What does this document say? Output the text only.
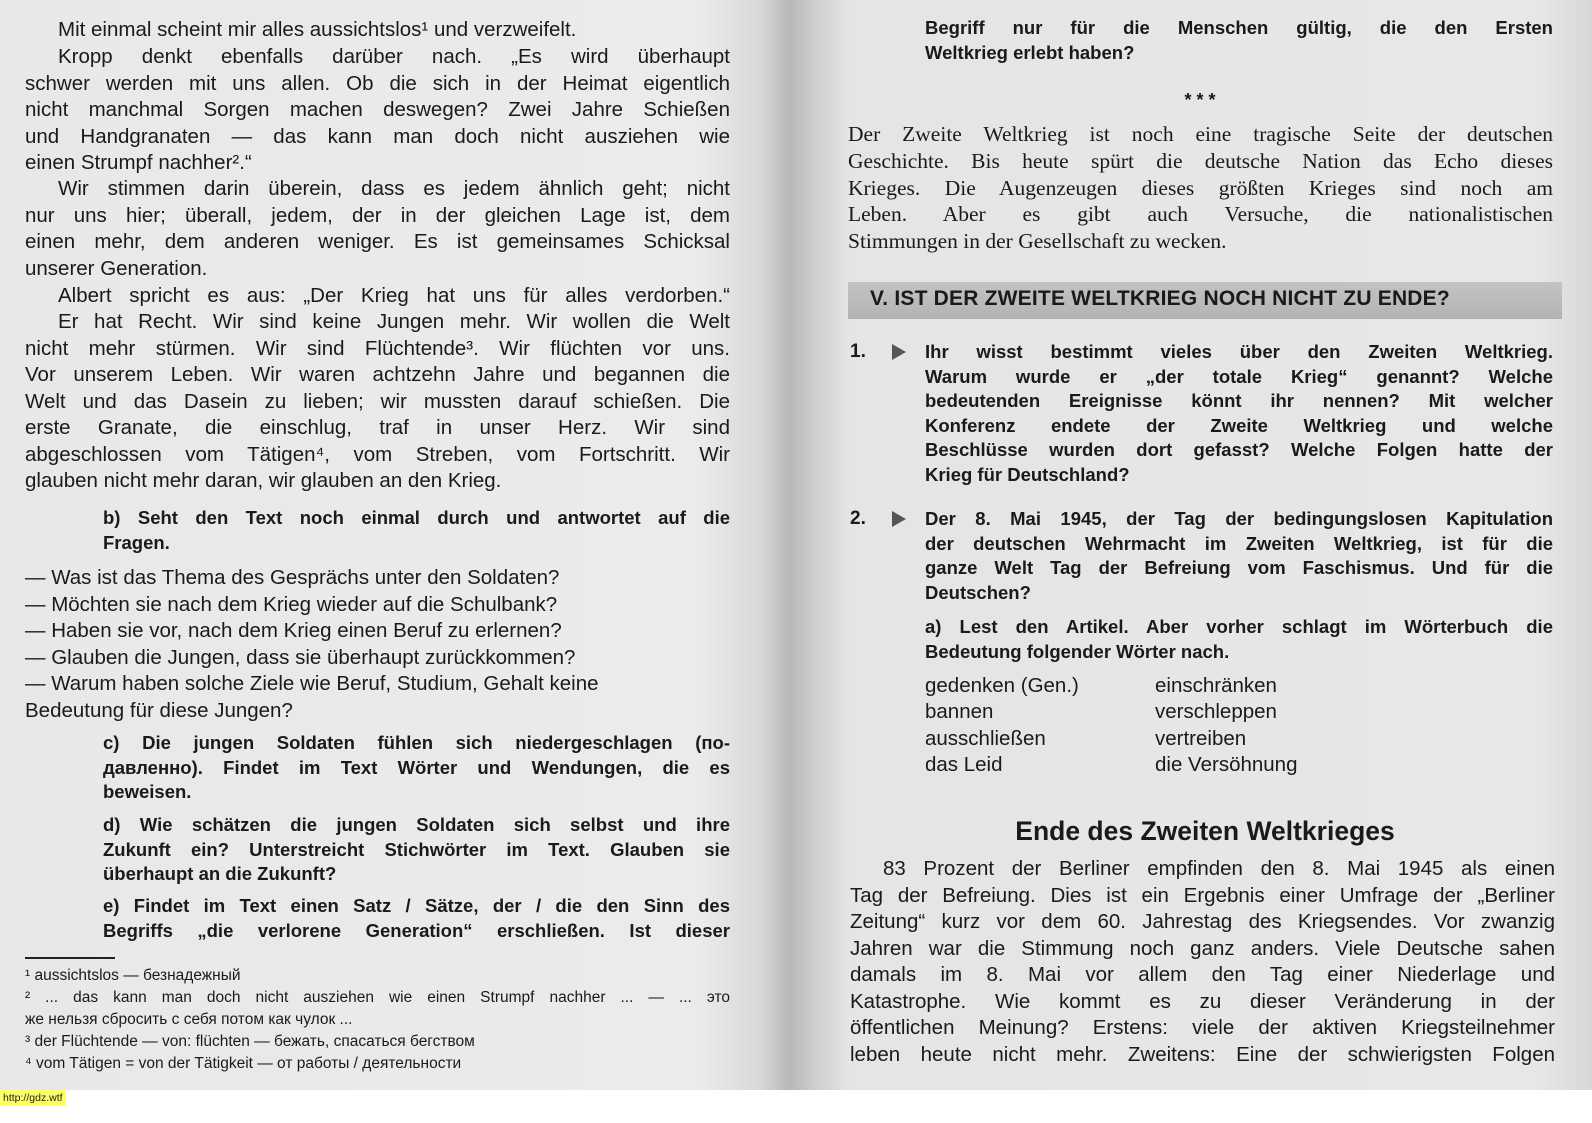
Mit einmal scheint mir alles aussichtslos¹ und verzweifelt.
Kropp denkt ebenfalls darüber nach. „Es wird überhaupt
schwer werden mit uns allen. Ob die sich in der Heimat eigentlich
nicht manchmal Sorgen machen deswegen? Zwei Jahre Schießen
und Handgranaten — das kann man doch nicht ausziehen wie
einen Strumpf nachher².“
Wir stimmen darin überein, dass es jedem ähnlich geht; nicht
nur uns hier; überall, jedem, der in der gleichen Lage ist, dem
einen mehr, dem anderen weniger. Es ist gemeinsames Schicksal
unserer Generation.
Albert spricht es aus: „Der Krieg hat uns für alles verdorben.“
Er hat Recht. Wir sind keine Jungen mehr. Wir wollen die Welt
nicht mehr stürmen. Wir sind Flüchtende³. Wir flüchten vor uns.
Vor unserem Leben. Wir waren achtzehn Jahre und begannen die
Welt und das Dasein zu lieben; wir mussten darauf schießen. Die
erste Granate, die einschlug, traf in unser Herz. Wir sind
abgeschlossen vom Tätigen⁴, vom Streben, vom Fortschritt. Wir
glauben nicht mehr daran, wir glauben an den Krieg.
b) Seht den Text noch einmal durch und antwortet auf die
Fragen.
— Was ist das Thema des Gesprächs unter den Soldaten?
— Möchten sie nach dem Krieg wieder auf die Schulbank?
— Haben sie vor, nach dem Krieg einen Beruf zu erlernen?
— Glauben die Jungen, dass sie überhaupt zurückkommen?
— Warum haben solche Ziele wie Beruf, Studium, Gehalt keine
Bedeutung für diese Jungen?
c) Die jungen Soldaten fühlen sich niedergeschlagen (по-
давленно). Findet im Text Wörter und Wendungen, die es
beweisen.
d) Wie schätzen die jungen Soldaten sich selbst und ihre
Zukunft ein? Unterstreicht Stichwörter im Text. Glauben sie
überhaupt an die Zukunft?
e) Findet im Text einen Satz / Sätze, der / die den Sinn des
Begriffs „die verlorene Generation“ erschließen. Ist dieser
¹ aussichtslos — безнадежный
² ... das kann man doch nicht ausziehen wie einen Strumpf nachher ... — ... это
же нельзя сбросить с себя потом как чулок ...
³ der Flüchtende — von: flüchten — бежать, спасаться бегством
⁴ vom Tätigen = von der Tätigkeit — от работы / деятельности
Begriff nur für die Menschen gültig, die den Ersten
Weltkrieg erlebt haben?
* * *
Der Zweite Weltkrieg ist noch eine tragische Seite der deutschen
Geschichte. Bis heute spürt die deutsche Nation das Echo dieses
Krieges. Die Augenzeugen dieses größten Krieges sind noch am
Leben. Aber es gibt auch Versuche, die nationalistischen
Stimmungen in der Gesellschaft zu wecken.
V. IST DER ZWEITE WELTKRIEG NOCH NICHT ZU ENDE?
1.	Ihr wisst bestimmt vieles über den Zweiten Weltkrieg.
Warum wurde er „der totale Krieg“ genannt? Welche
bedeutenden Ereignisse könnt ihr nennen? Mit welcher
Konferenz endete der Zweite Weltkrieg und welche
Beschlüsse wurden dort gefasst? Welche Folgen hatte der
Krieg für Deutschland?
2.	Der 8. Mai 1945, der Tag der bedingungslosen Kapitulation
der deutschen Wehrmacht im Zweiten Weltkrieg, ist für die
ganze Welt Tag der Befreiung vom Faschismus. Und für die
Deutschen?
a) Lest den Artikel. Aber vorher schlagt im Wörterbuch die
Bedeutung folgender Wörter nach.
gedenken (Gen.)
bannen
ausschließen
das Leid
einschränken
verschleppen
vertreiben
die Versöhnung
Ende des Zweiten Weltkrieges
83 Prozent der Berliner empfinden den 8. Mai 1945 als einen
Tag der Befreiung. Dies ist ein Ergebnis einer Umfrage der „Berliner
Zeitung“ kurz vor dem 60. Jahrestag des Kriegsendes. Vor zwanzig
Jahren war die Stimmung noch ganz anders. Viele Deutsche sahen
damals im 8. Mai vor allem den Tag einer Niederlage und
Katastrophe. Wie kommt es zu dieser Veränderung in der
öffentlichen Meinung? Erstens: viele der aktiven Kriegsteilnehmer
leben heute nicht mehr. Zweitens: Eine der schwierigsten Folgen
http://gdz.wtf
